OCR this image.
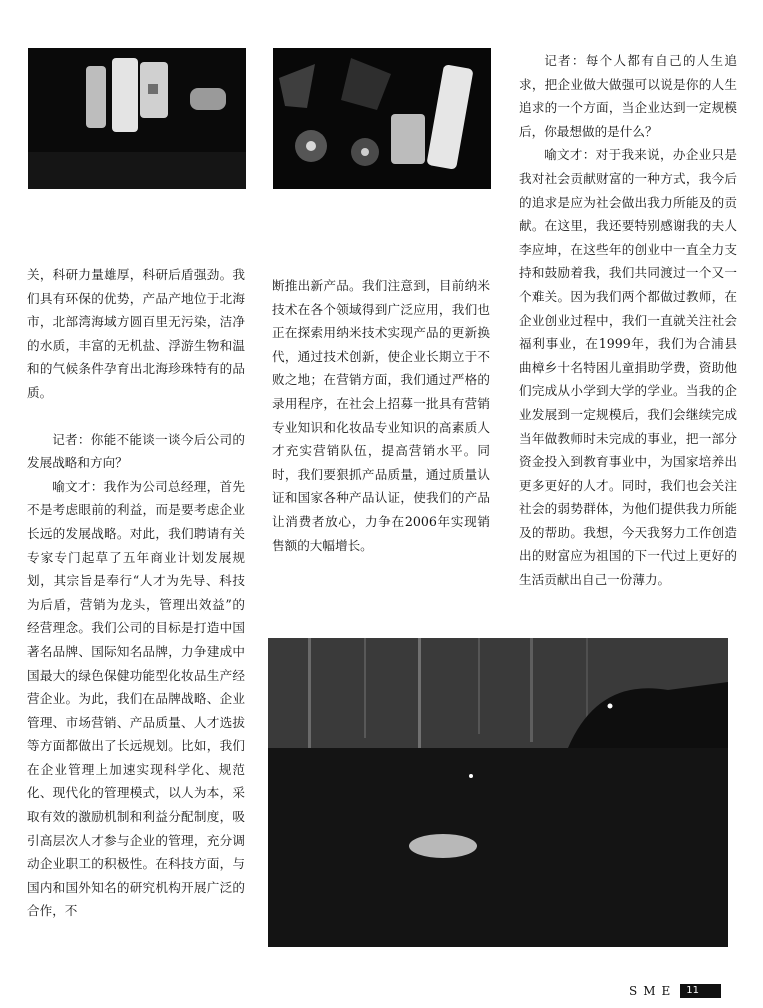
关，科研力量雄厚，科研后盾强劲。我们具有环保的优势，产品产地位于北海市，北部湾海域方圆百里无污染，洁净的水质，丰富的无机盐、浮游生物和温和的气候条件孕育出北海珍珠特有的品质。

记者：你能不能谈一谈今后公司的发展战略和方向？

喻文才：我作为公司总经理，首先不是考虑眼前的利益，而是要考虑企业长远的发展战略。对此，我们聘请有关专家专门起草了五年商业计划发展规划，其宗旨是奉行“人才为先导、科技为后盾，营销为龙头，管理出效益”的经营理念。我们公司的目标是打造中国著名品牌、国际知名品牌，力争建成中国最大的绿色保健功能型化妆品生产经营企业。为此，我们在品牌战略、企业管理、市场营销、产品质量、人才选拔等方面都做出了长远规划。比如，我们在企业管理上加速实现科学化、规范化、现代化的管理模式，以人为本，采取有效的激励机制和利益分配制度，吸引高层次人才参与企业的管理，充分调动企业职工的积极性。在科技方面，与国内和国外知名的研究机构开展广泛的合作，不

断推出新产品。我们注意到，目前纳米技术在各个领域得到广泛应用，我们也正在探索用纳米技术实现产品的更新换代，通过技术创新，使企业长期立于不败之地；在营销方面，我们通过严格的录用程序，在社会上招募一批具有营销专业知识和化妆品专业知识的高素质人才充实营销队伍，提高营销水平。同时，我们要狠抓产品质量，通过质量认证和国家各种产品认证，使我们的产品让消费者放心，力争在2006年实现销售额的大幅增长。

记者：每个人都有自己的人生追求，把企业做大做强可以说是你的人生追求的一个方面，当企业达到一定规模后，你最想做的是什么？

喻文才：对于我来说，办企业只是我对社会贡献财富的一种方式，我今后的追求是应为社会做出我力所能及的贡献。在这里，我还要特别感谢我的夫人李应坤，在这些年的创业中一直全力支持和鼓励着我，我们共同渡过一个又一个难关。因为我们两个都做过教师，在企业创业过程中，我们一直就关注社会福利事业，在1999年，我们为合浦县曲樟乡十名特困儿童捐助学费，资助他们完成从小学到大学的学业。当我的企业发展到一定规模后，我们会继续完成当年做教师时未完成的事业，把一部分资金投入到教育事业中，为国家培养出更多更好的人才。同时，我们也会关注社会的弱势群体，为他们提供我力所能及的帮助。我想，今天我努力工作创造出的财富应为祖国的下一代过上更好的生活贡献出自己一份薄力。

SME	11
